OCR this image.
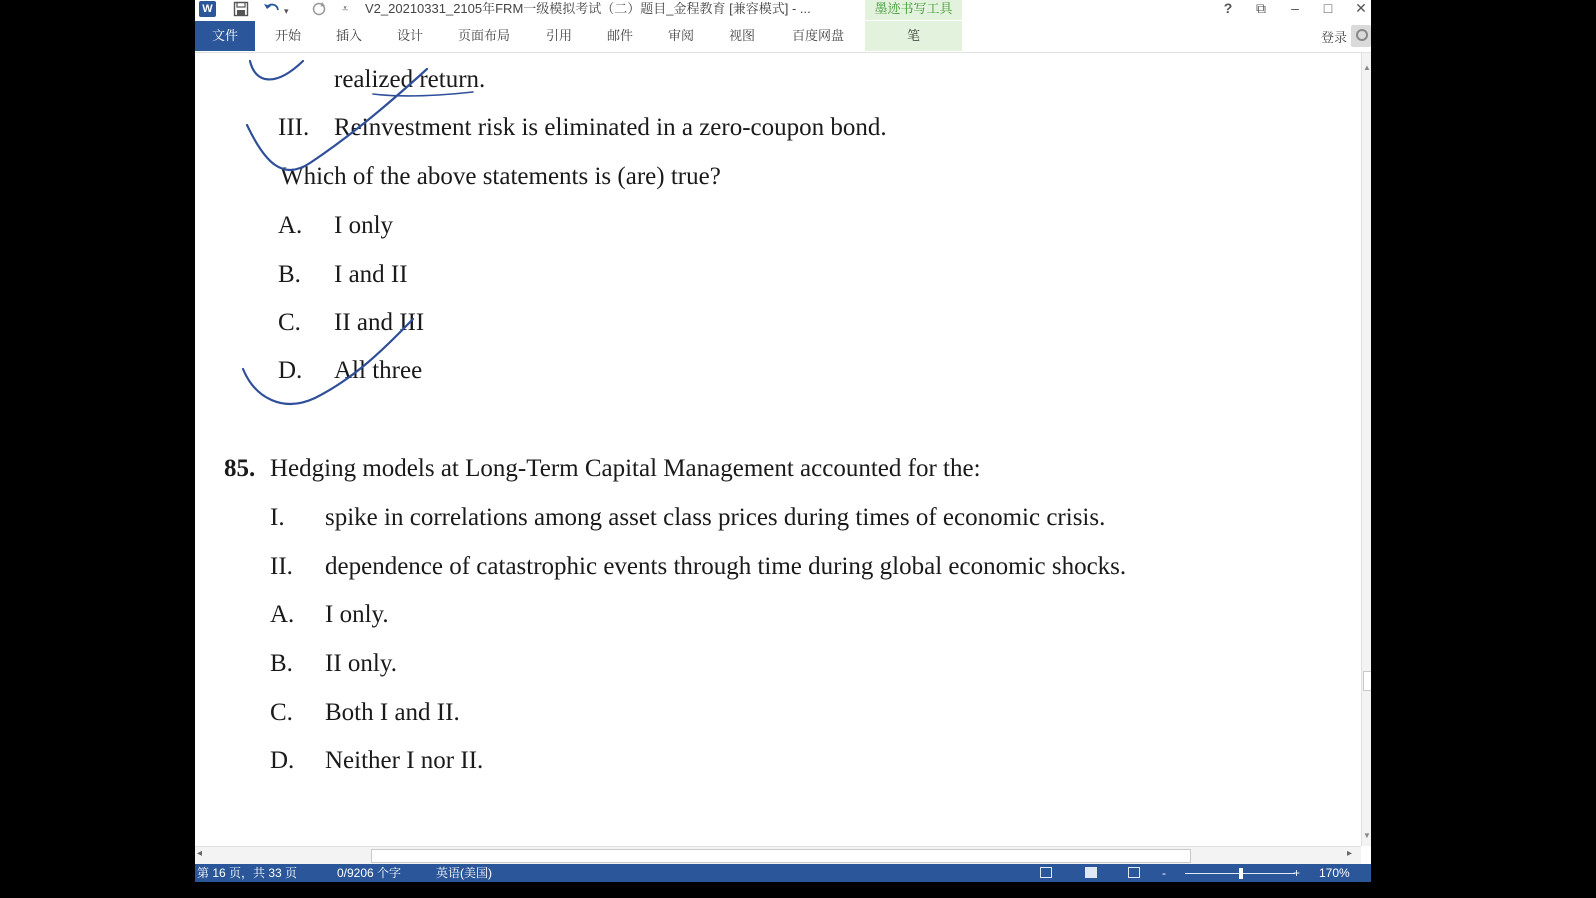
W	▾	⩡ V2_20210331_2105年FRM一级模拟考试（二）题目_金程教育 [兼容模式] - ...	墨迹书写工具	?	⧉	–	□	✕
文件	开始	插入	设计	页面布局	引用	邮件	审阅	视图	百度网盘	笔	登录
realized return.
III. Reinvestment risk is eliminated in a zero-coupon bond.
Which of the above statements is (are) true?
A. I only
B. I and II
C. II and III
D. All three
85. Hedging models at Long-Term Capital Management accounted for the:
I. spike in correlations among asset class prices during times of economic crisis.
II. dependence of catastrophic events through time during global economic shocks.
A. I only.
B. II only.
C. Both I and II.
D. Neither I nor II.
▲
▼
◂	▸
第 16 页，共 33 页	0/9206 个字	英语(美国)	-	+ 170%
